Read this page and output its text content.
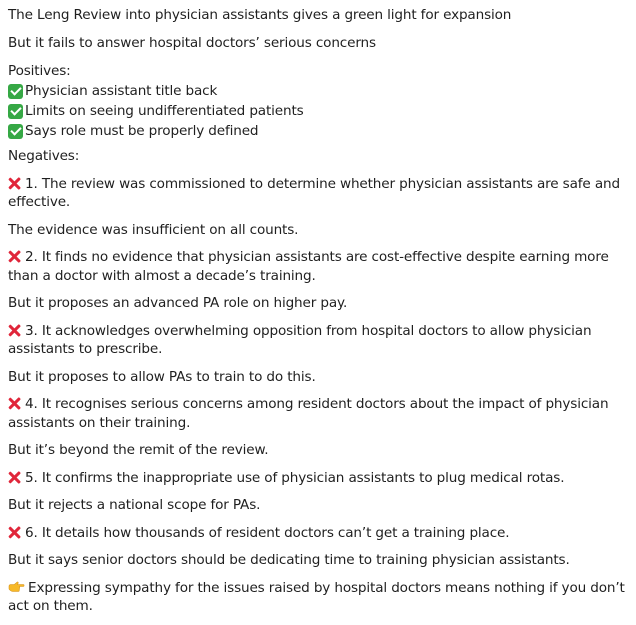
The Leng Review into physician assistants gives a green light for expansion

But it fails to answer hospital doctors’ serious concerns

Positives:
Physician assistant title back
Limits on seeing undifferentiated patients
Says role must be properly defined

Negatives:

1. The review was commissioned to determine whether physician assistants are safe and effective.

The evidence was insufficient on all counts.

2. It finds no evidence that physician assistants are cost-effective despite earning more than a doctor with almost a decade’s training.

But it proposes an advanced PA role on higher pay.

3. It acknowledges overwhelming opposition from hospital doctors to allow physician assistants to prescribe.

But it proposes to allow PAs to train to do this.

4. It recognises serious concerns among resident doctors about the impact of physician assistants on their training.

But it’s beyond the remit of the review.

5. It confirms the inappropriate use of physician assistants to plug medical rotas.

But it rejects a national scope for PAs.

6. It details how thousands of resident doctors can’t get a training place.

But it says senior doctors should be dedicating time to training physician assistants.

Expressing sympathy for the issues raised by hospital doctors means nothing if you don’t act on them.
